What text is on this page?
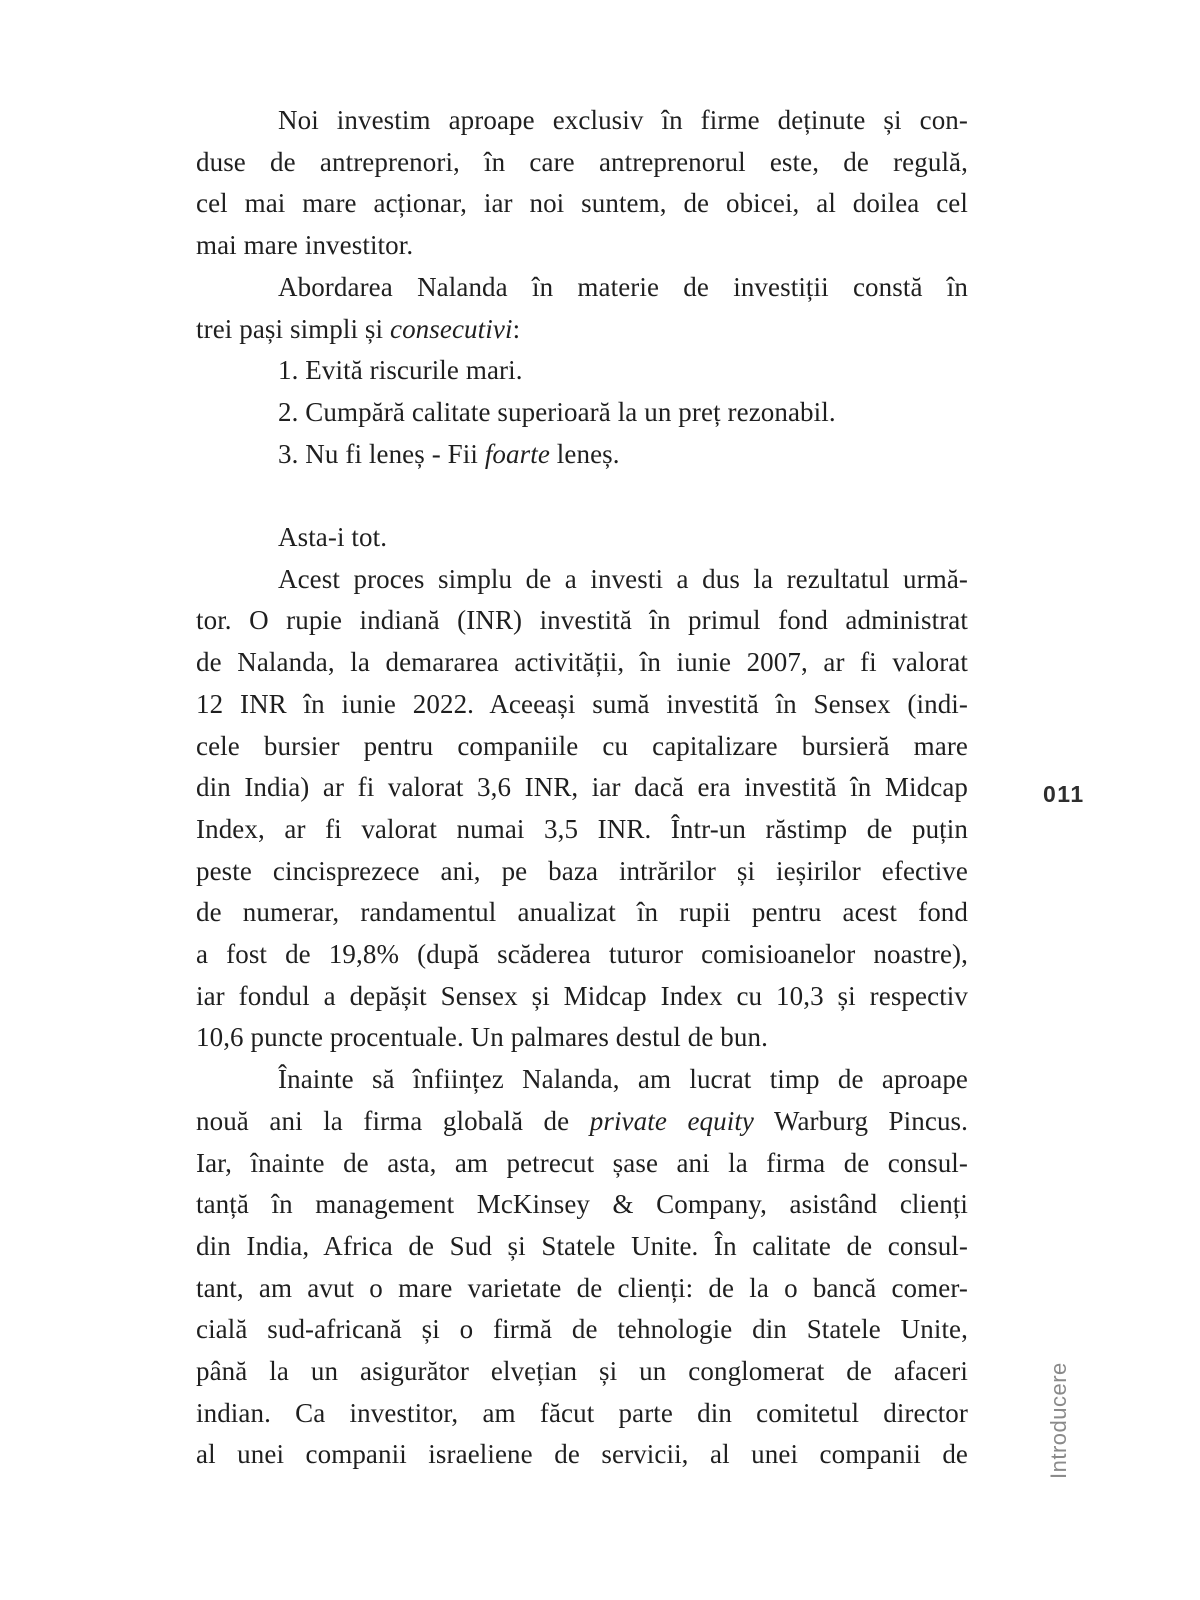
Noi investim aproape exclusiv în firme deținute și con-
duse de antreprenori, în care antreprenorul este, de regulă,
cel mai mare acționar, iar noi suntem, de obicei, al doilea cel
mai mare investitor.
Abordarea Nalanda în materie de investiții constă în
trei pași simpli și consecutivi:
1. Evită riscurile mari.
2. Cumpără calitate superioară la un preț rezonabil.
3. Nu fi leneș - Fii foarte leneș.
Asta-i tot.
Acest proces simplu de a investi a dus la rezultatul urmă-
tor. O rupie indiană (INR) investită în primul fond administrat
de Nalanda, la demararea activității, în iunie 2007, ar fi valorat
12 INR în iunie 2022. Aceeași sumă investită în Sensex (indi-
cele bursier pentru companiile cu capitalizare bursieră mare
din India) ar fi valorat 3,6 INR, iar dacă era investită în Midcap
Index, ar fi valorat numai 3,5 INR. Într-un răstimp de puțin
peste cincisprezece ani, pe baza intrărilor și ieșirilor efective
de numerar, randamentul anualizat în rupii pentru acest fond
a fost de 19,8% (după scăderea tuturor comisioanelor noastre),
iar fondul a depășit Sensex și Midcap Index cu 10,3 și respectiv
10,6 puncte procentuale. Un palmares destul de bun.
Înainte să înființez Nalanda, am lucrat timp de aproape
nouă ani la firma globală de private equity Warburg Pincus.
Iar, înainte de asta, am petrecut șase ani la firma de consul-
tanță în management McKinsey & Company, asistând clienți
din India, Africa de Sud și Statele Unite. În calitate de consul-
tant, am avut o mare varietate de clienți: de la o bancă comer-
cială sud-africană și o firmă de tehnologie din Statele Unite,
până la un asigurător elvețian și un conglomerat de afaceri
indian. Ca investitor, am făcut parte din comitetul director
al unei companii israeliene de servicii, al unei companii de
011
Introducere
